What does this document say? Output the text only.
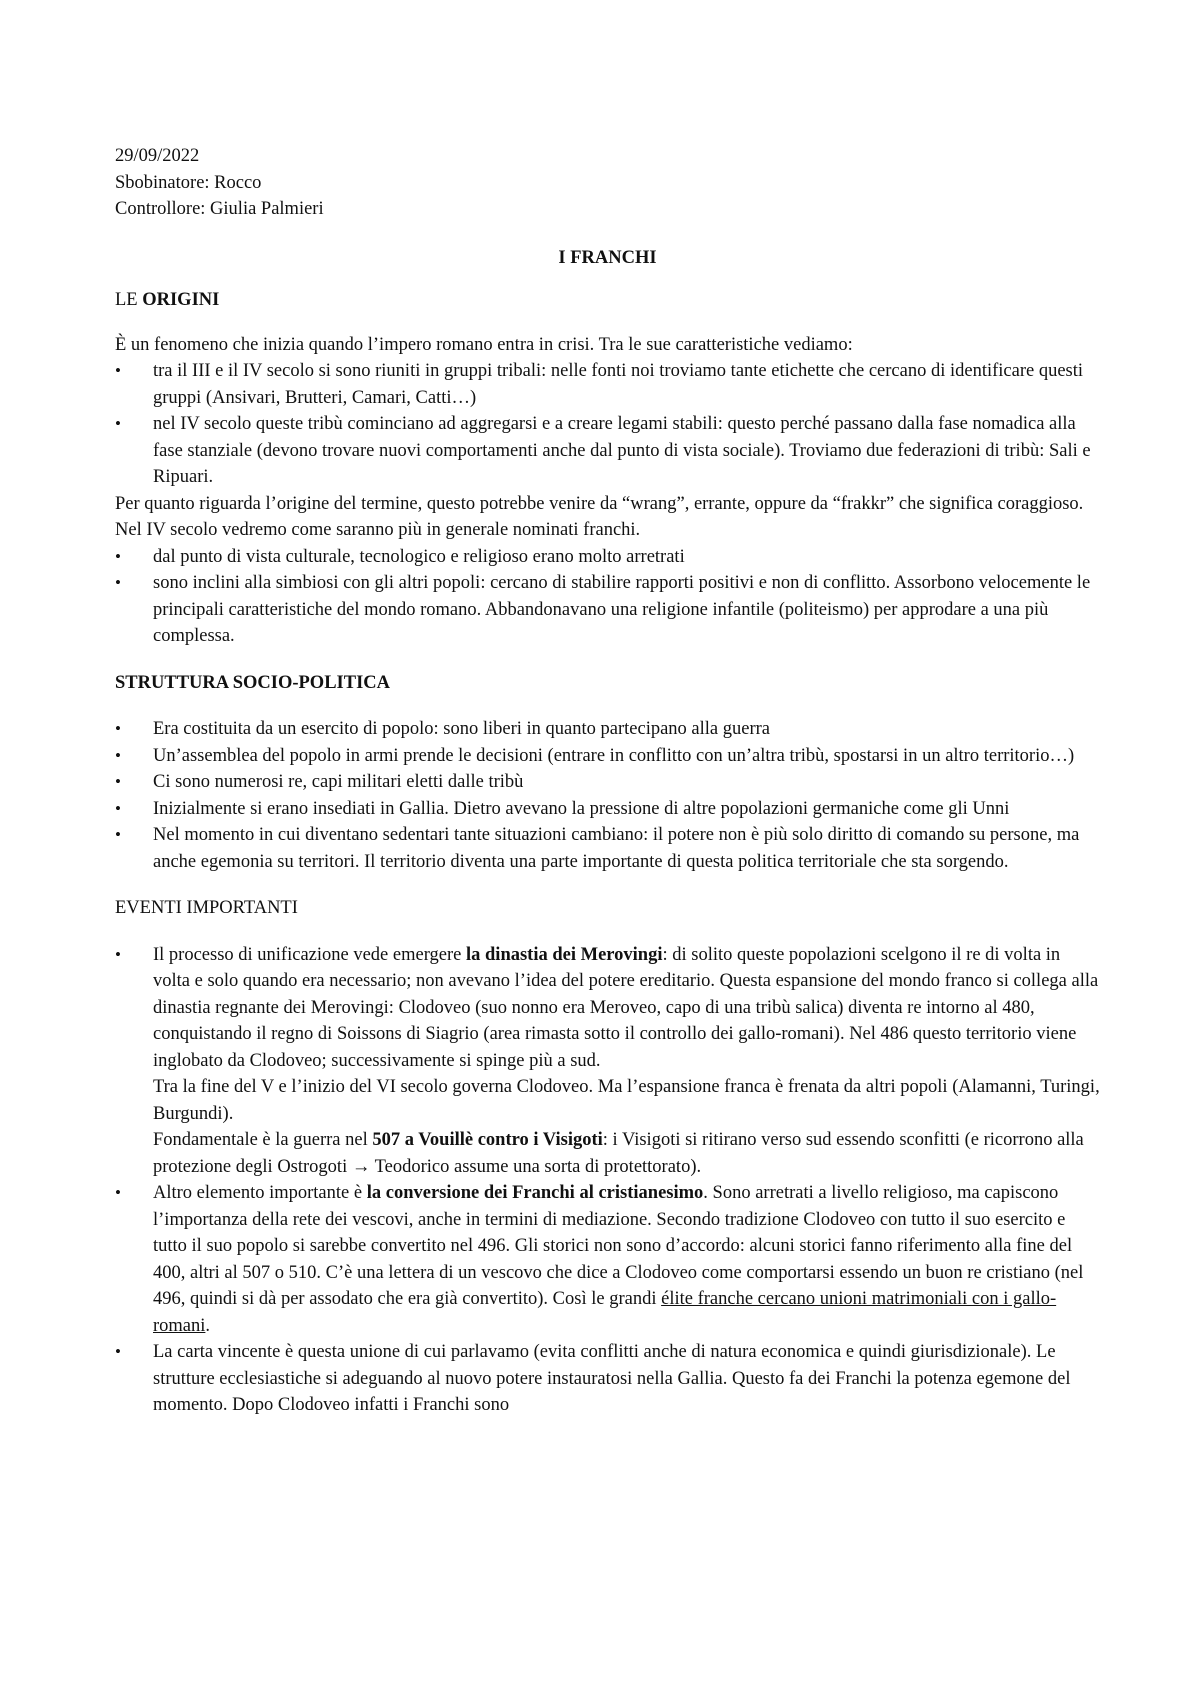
29/09/2022

Sbobinatore: Rocco

Controllore: Giulia Palmieri

I FRANCHI
LE ORIGINI

È un fenomeno che inizia quando l’impero romano entra in crisi. Tra le sue caratteristiche vediamo:

• tra il III e il IV secolo si sono riuniti in gruppi tribali: nelle fonti noi troviamo tante etichette che cercano di identificare questi gruppi (Ansivari, Brutteri, Camari, Catti…)
• nel IV secolo queste tribù cominciano ad aggregarsi e a creare legami stabili: questo perché passano dalla fase nomadica alla fase stanziale (devono trovare nuovi comportamenti anche dal punto di vista sociale). Troviamo due federazioni di tribù: Sali e Ripuari.

Per quanto riguarda l’origine del termine, questo potrebbe venire da “wrang”, errante, oppure da “frakkr” che significa coraggioso. Nel IV secolo vedremo come saranno più in generale nominati franchi.

• dal punto di vista culturale, tecnologico e religioso erano molto arretrati
• sono inclini alla simbiosi con gli altri popoli: cercano di stabilire rapporti positivi e non di conflitto. Assorbono velocemente le principali caratteristiche del mondo romano. Abbandonavano una religione infantile (politeismo) per approdare a una più complessa.
STRUTTURA SOCIO-POLITICA
• Era costituita da un esercito di popolo: sono liberi in quanto partecipano alla guerra
• Un’assemblea del popolo in armi prende le decisioni (entrare in conflitto con un’altra tribù, spostarsi in un altro territorio…)
• Ci sono numerosi re, capi militari eletti dalle tribù
• Inizialmente si erano insediati in Gallia. Dietro avevano la pressione di altre popolazioni germaniche come gli Unni
• Nel momento in cui diventano sedentari tante situazioni cambiano: il potere non è più solo diritto di comando su persone, ma anche egemonia su territori. Il territorio diventa una parte importante di questa politica territoriale che sta sorgendo.
EVENTI IMPORTANTI
• Il processo di unificazione vede emergere la dinastia dei Merovingi: di solito queste popolazioni scelgono il re di volta in volta e solo quando era necessario; non avevano l’idea del potere ereditario. Questa espansione del mondo franco si collega alla dinastia regnante dei Merovingi: Clodoveo (suo nonno era Meroveo, capo di una tribù salica) diventa re intorno al 480, conquistando il regno di Soissons di Siagrio (area rimasta sotto il controllo dei gallo-romani). Nel 486 questo territorio viene inglobato da Clodoveo; successivamente si spinge più a sud.
Tra la fine del V e l’inizio del VI secolo governa Clodoveo. Ma l’espansione franca è frenata da altri popoli (Alamanni, Turingi, Burgundi).
Fondamentale è la guerra nel 507 a Vouillè contro i Visigoti: i Visigoti si ritirano verso sud essendo sconfitti (e ricorrono alla protezione degli Ostrogoti → Teodorico assume una sorta di protettorato).
• Altro elemento importante è la conversione dei Franchi al cristianesimo. Sono arretrati a livello religioso, ma capiscono l’importanza della rete dei vescovi, anche in termini di mediazione. Secondo tradizione Clodoveo con tutto il suo esercito e tutto il suo popolo si sarebbe convertito nel 496. Gli storici non sono d’accordo: alcuni storici fanno riferimento alla fine del 400, altri al 507 o 510. C’è una lettera di un vescovo che dice a Clodoveo come comportarsi essendo un buon re cristiano (nel 496, quindi si dà per assodato che era già convertito). Così le grandi élite franche cercano unioni matrimoniali con i gallo-romani.
• La carta vincente è questa unione di cui parlavamo (evita conflitti anche di natura economica e quindi giurisdizionale). Le strutture ecclesiastiche si adeguando al nuovo potere instauratosi nella Gallia. Questo fa dei Franchi la potenza egemone del momento. Dopo Clodoveo infatti i Franchi sono
